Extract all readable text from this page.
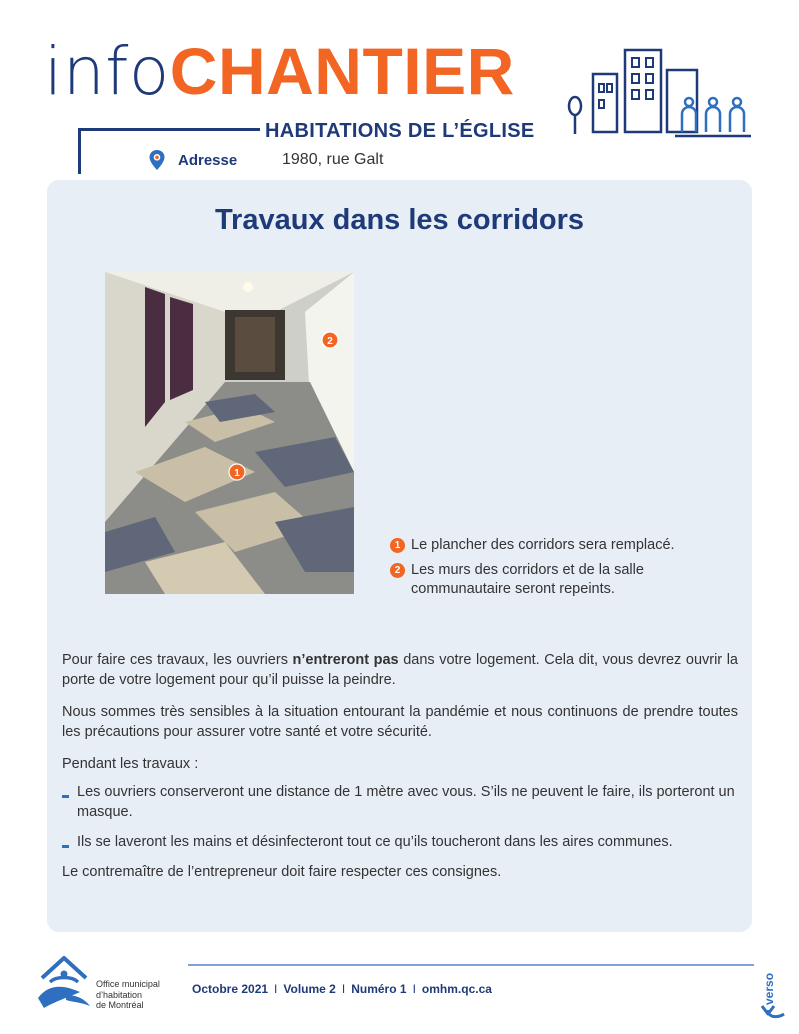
infoCHANTIER
HABITATIONS DE L’ÉGLISE
Adresse	1980, rue Galt
Travaux dans les corridors
2
1
1 Le plancher des corridors sera remplacé.
2 Les murs des corridors et de la salle communautaire seront repeints.

Pour faire ces travaux, les ouvriers n’entreront pas dans votre logement. Cela dit, vous devrez ouvrir la porte de votre logement pour qu’il puisse la peindre.

Nous sommes très sensibles à la situation entourant la pandémie et nous continuons de prendre toutes les précautions pour assurer votre santé et votre sécurité.

Pendant les travaux :

Les ouvriers conserveront une distance de 1 mètre avec vous. S’ils ne peuvent le faire, ils porteront un masque.
Ils se laveront les mains et désinfecteront tout ce qu’ils toucheront dans les aires communes.

Le contremaître de l’entrepreneur doit faire respecter ces consignes.

Office municipal
d’habitation
de Montréal
Octobre 2021 I Volume 2 I Numéro 1 I omhm.qc.ca	verso
